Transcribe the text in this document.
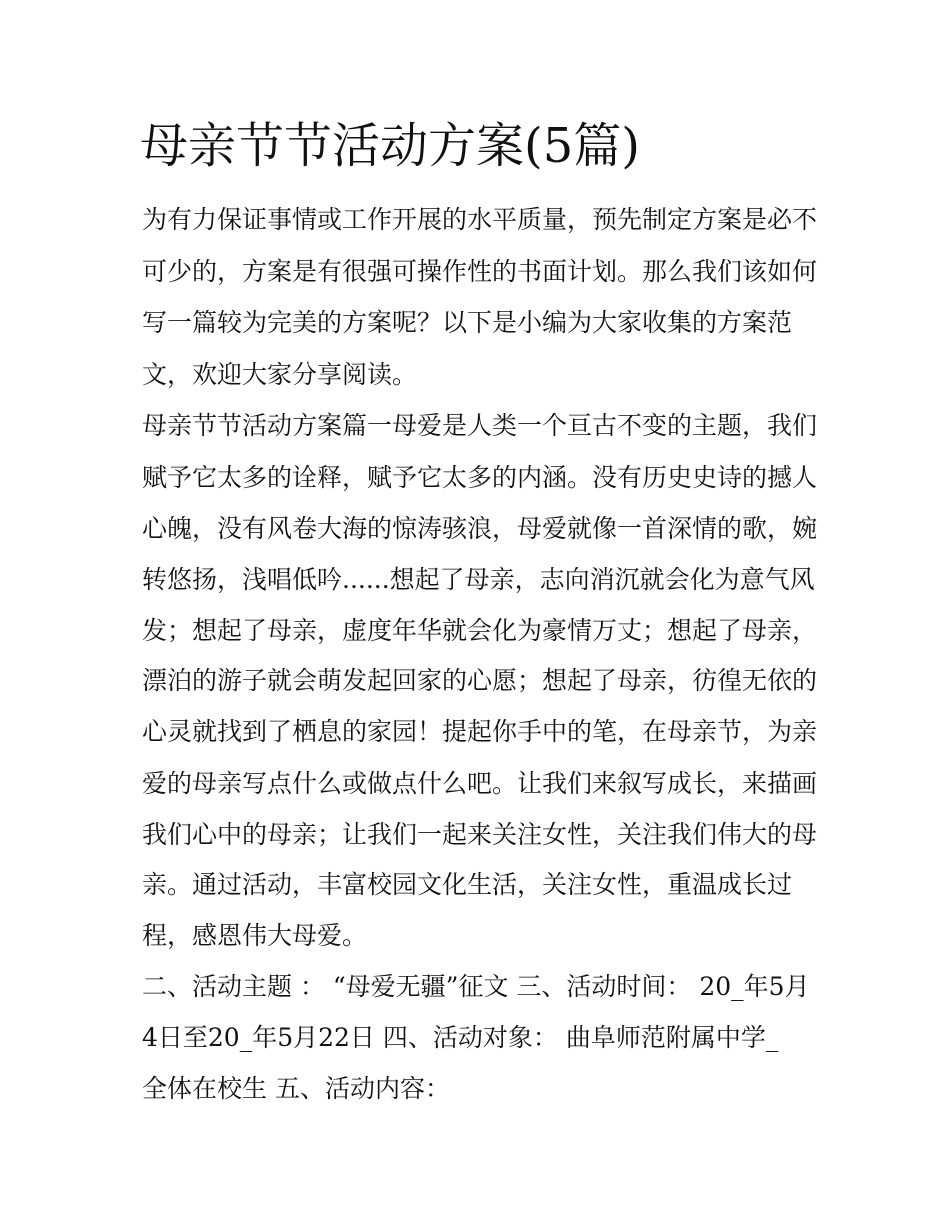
母亲节节活动方案(5篇)

为有力保证事情或工作开展的水平质量，预先制定方案是必不

可少的，方案是有很强可操作性的书面计划。那么我们该如何

写一篇较为完美的方案呢？以下是小编为大家收集的方案范

文，欢迎大家分享阅读。

母亲节节活动方案篇一母爱是人类一个亘古不变的主题，我们

赋予它太多的诠释，赋予它太多的内涵。没有历史史诗的撼人

心魄，没有风卷大海的惊涛骇浪，母爱就像一首深情的歌，婉

转悠扬，浅唱低吟......想起了母亲，志向消沉就会化为意气风

发；想起了母亲，虚度年华就会化为豪情万丈；想起了母亲，

漂泊的游子就会萌发起回家的心愿；想起了母亲，彷徨无依的

心灵就找到了栖息的家园！提起你手中的笔，在母亲节，为亲

爱的母亲写点什么或做点什么吧。让我们来叙写成长，来描画

我们心中的母亲；让我们一起来关注女性，关注我们伟大的母

亲。通过活动，丰富校园文化生活，关注女性，重温成长过

程，感恩伟大母爱。

二、活动主题 ： “母爱无疆”征文 三、活动时间： 20_年5月

4日至20_年5月22日 四、活动对象： 曲阜师范附属中学_

全体在校生 五、活动内容：
